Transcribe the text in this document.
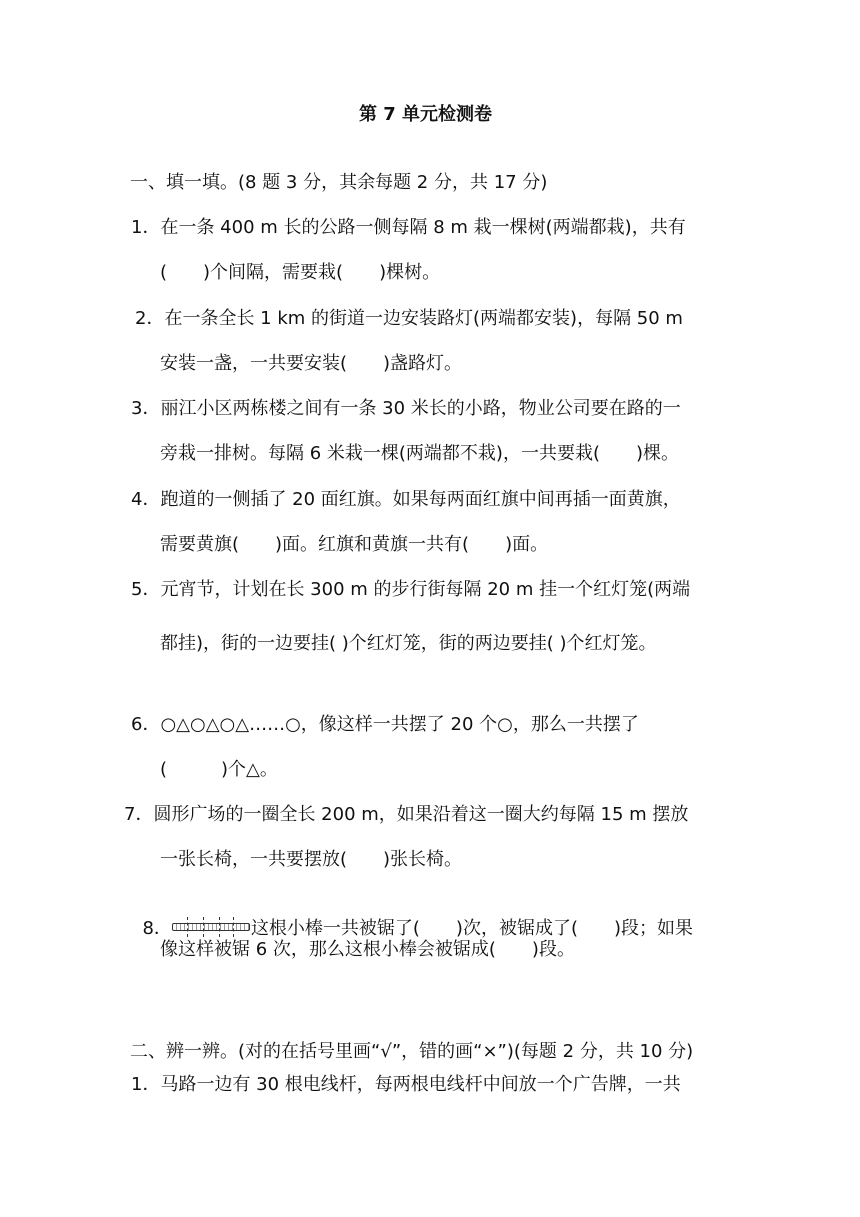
第 7 单元检测卷
一、填一填。(8 题 3 分，其余每题 2 分，共 17 分)
1．在一条 400 m 长的公路一侧每隔 8 m 栽一棵树(两端都栽)，共有
(　　)个间隔，需要栽(　　)棵树。
2．在一条全长 1 km 的街道一边安装路灯(两端都安装)，每隔 50 m
安装一盏，一共要安装(　　)盏路灯。
3．丽江小区两栋楼之间有一条 30 米长的小路，物业公司要在路的一
旁栽一排树。每隔 6 米栽一棵(两端都不栽)，一共要栽(　　)棵。
4．跑道的一侧插了 20 面红旗。如果每两面红旗中间再插一面黄旗，
需要黄旗(　　)面。红旗和黄旗一共有(　　)面。
5．元宵节，计划在长 300 m 的步行街每隔 20 m 挂一个红灯笼(两端
都挂)，街的一边要挂( )个红灯笼，街的两边要挂( )个红灯笼。
6．○△○△○△……○，像这样一共摆了 20 个○，那么一共摆了
(　　　)个△。
7．圆形广场的一圈全长 200 m，如果沿着这一圈大约每隔 15 m 摆放
一张长椅，一共要摆放(　　)张长椅。

8．	这根小棒一共被锯了(　　)次，被锯成了(　　)段；如果

像这样被锯 6 次，那么这根小棒会被锯成(　　)段。
二、辨一辨。(对的在括号里画“√”，错的画“×”)(每题 2 分，共 10 分)
1．马路一边有 30 根电线杆，每两根电线杆中间放一个广告牌，一共
